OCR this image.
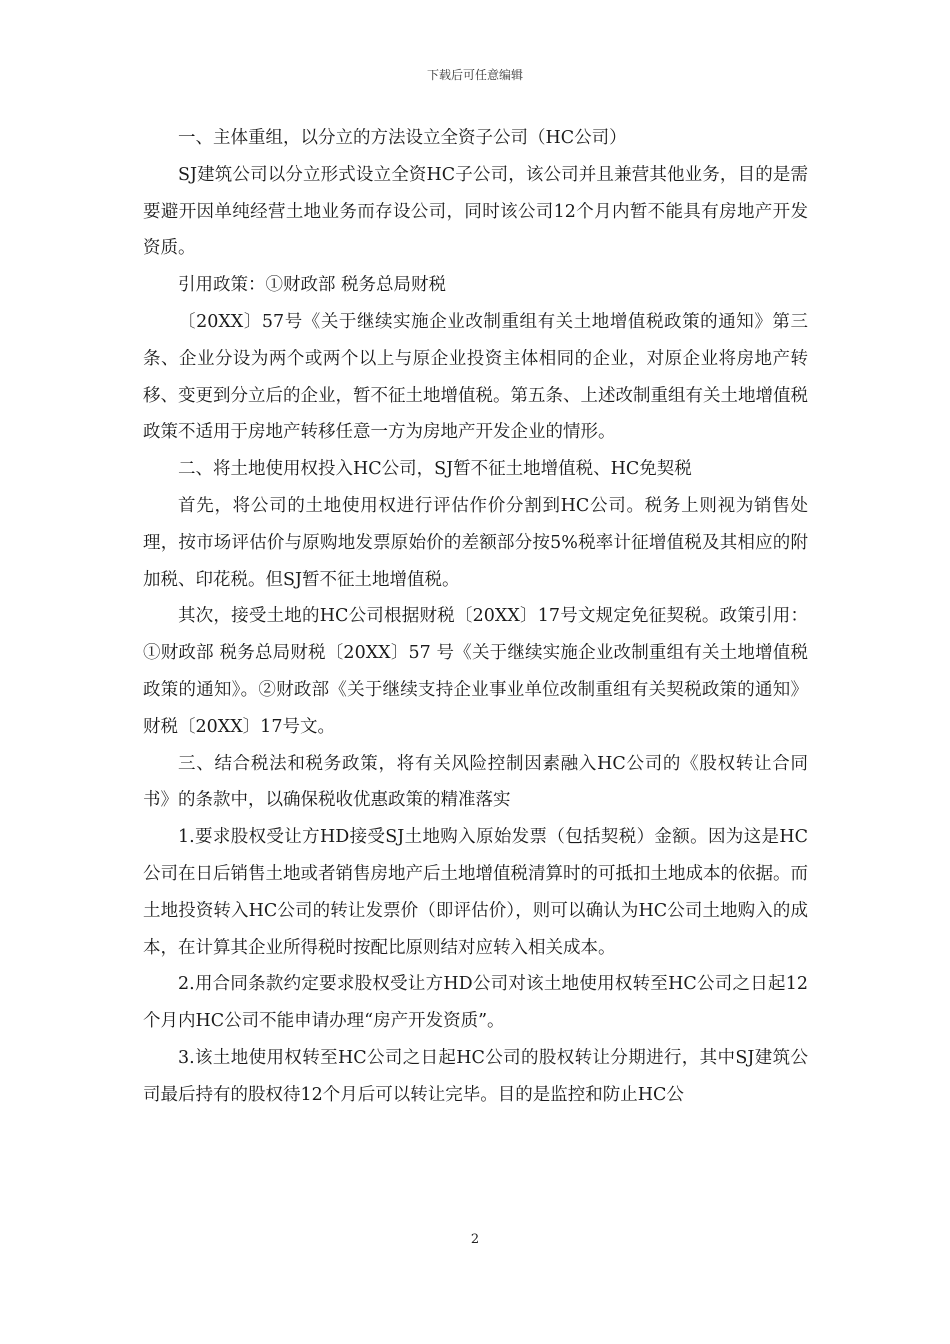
下载后可任意编辑

一、主体重组，以分立的方法设立全资子公司（HC公司）

SJ建筑公司以分立形式设立全资HC子公司，该公司并且兼营其他业务，目的是需要避开因单纯经营土地业务而存设公司，同时该公司12个月内暂不能具有房地产开发资质。

引用政策：①财政部 税务总局财税

〔20XX〕57号《关于继续实施企业改制重组有关土地增值税政策的通知》第三条、企业分设为两个或两个以上与原企业投资主体相同的企业，对原企业将房地产转移、变更到分立后的企业，暂不征土地增值税。第五条、上述改制重组有关土地增值税政策不适用于房地产转移任意一方为房地产开发企业的情形。

二、将土地使用权投入HC公司，SJ暂不征土地增值税、HC免契税

首先，将公司的土地使用权进行评估作价分割到HC公司。税务上则视为销售处理，按市场评估价与原购地发票原始价的差额部分按5%税率计征增值税及其相应的附加税、印花税。但SJ暂不征土地增值税。

其次，接受土地的HC公司根据财税〔20XX〕17号文规定免征契税。政策引用：①财政部 税务总局财税〔20XX〕57 号《关于继续实施企业改制重组有关土地增值税政策的通知》。②财政部《关于继续支持企业事业单位改制重组有关契税政策的通知》财税〔20XX〕17号文。

三、结合税法和税务政策，将有关风险控制因素融入HC公司的《股权转让合同书》的条款中，以确保税收优惠政策的精准落实

1.要求股权受让方HD接受SJ土地购入原始发票（包括契税）金额。因为这是HC公司在日后销售土地或者销售房地产后土地增值税清算时的可抵扣土地成本的依据。而土地投资转入HC公司的转让发票价（即评估价），则可以确认为HC公司土地购入的成本，在计算其企业所得税时按配比原则结对应转入相关成本。

2.用合同条款约定要求股权受让方HD公司对该土地使用权转至HC公司之日起12个月内HC公司不能申请办理“房产开发资质”。

3.该土地使用权转至HC公司之日起HC公司的股权转让分期进行，其中SJ建筑公司最后持有的股权待12个月后可以转让完毕。目的是监控和防止HC公

2
